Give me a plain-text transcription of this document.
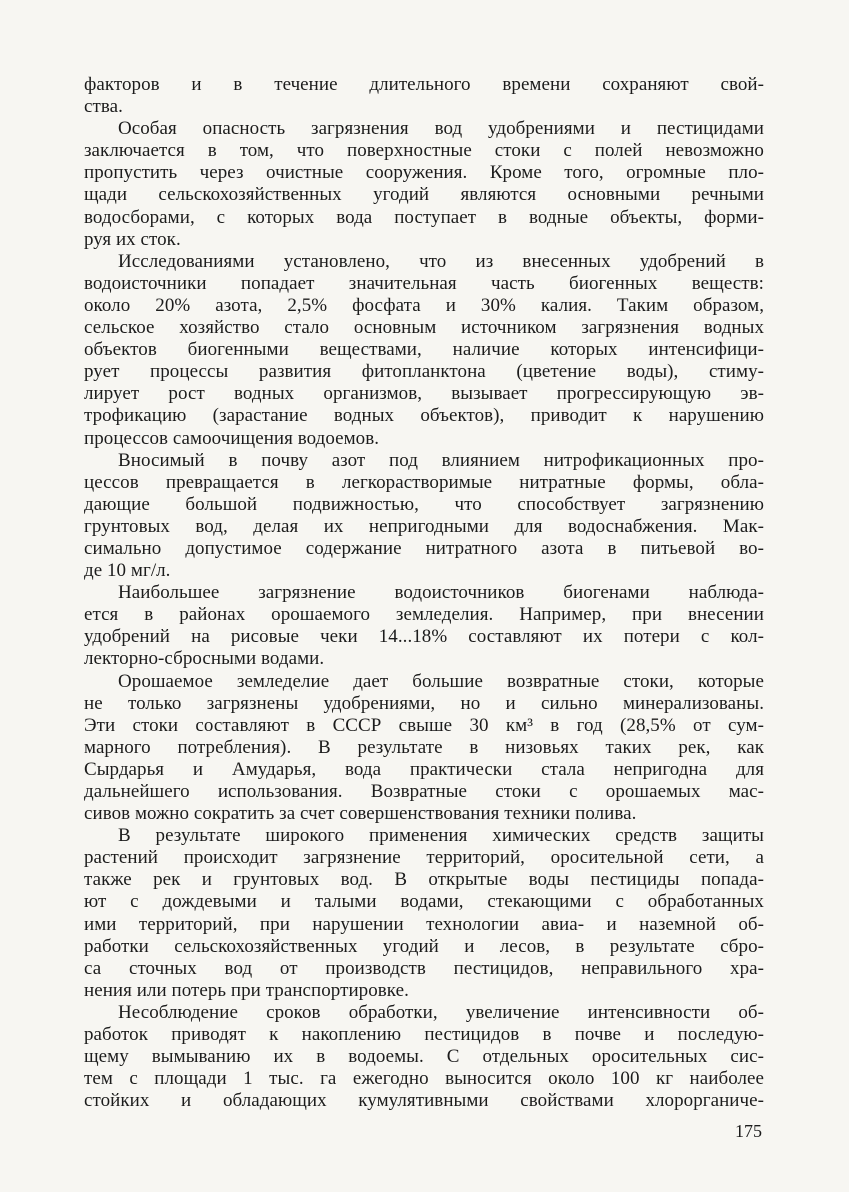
факторов и в течение длительного времени сохраняют свой-
ства.
Особая опасность загрязнения вод удобрениями и пестицидами
заключается в том, что поверхностные стоки с полей невозможно
пропустить через очистные сооружения. Кроме того, огромные пло-
щади сельскохозяйственных угодий являются основными речными
водосборами, с которых вода поступает в водные объекты, форми-
руя их сток.
Исследованиями установлено, что из внесенных удобрений в
водоисточники попадает значительная часть биогенных веществ:
около 20% азота, 2,5% фосфата и 30% калия. Таким образом,
сельское хозяйство стало основным источником загрязнения водных
объектов биогенными веществами, наличие которых интенсифици-
рует процессы развития фитопланктона (цветение воды), стиму-
лирует рост водных организмов, вызывает прогрессирующую эв-
трофикацию (зарастание водных объектов), приводит к нарушению
процессов самоочищения водоемов.
Вносимый в почву азот под влиянием нитрофикационных про-
цессов превращается в легкорастворимые нитратные формы, обла-
дающие большой подвижностью, что способствует загрязнению
грунтовых вод, делая их непригодными для водоснабжения. Мак-
симально допустимое содержание нитратного азота в питьевой во-
де 10 мг/л.
Наибольшее загрязнение водоисточников биогенами наблюда-
ется в районах орошаемого земледелия. Например, при внесении
удобрений на рисовые чеки 14...18% составляют их потери с кол-
лекторно-сбросными водами.
Орошаемое земледелие дает большие возвратные стоки, которые
не только загрязнены удобрениями, но и сильно минерализованы.
Эти стоки составляют в СССР свыше 30 км³ в год (28,5% от сум-
марного потребления). В результате в низовьях таких рек, как
Сырдарья и Амударья, вода практически стала непригодна для
дальнейшего использования. Возвратные стоки с орошаемых мас-
сивов можно сократить за счет совершенствования техники полива.
В результате широкого применения химических средств защиты
растений происходит загрязнение территорий, оросительной сети, а
также рек и грунтовых вод. В открытые воды пестициды попада-
ют с дождевыми и талыми водами, стекающими с обработанных
ими территорий, при нарушении технологии авиа- и наземной об-
работки сельскохозяйственных угодий и лесов, в результате сбро-
са сточных вод от производств пестицидов, неправильного хра-
нения или потерь при транспортировке.
Несоблюдение сроков обработки, увеличение интенсивности об-
работок приводят к накоплению пестицидов в почве и последую-
щему вымыванию их в водоемы. С отдельных оросительных сис-
тем с площади 1 тыс. га ежегодно выносится около 100 кг наиболее
стойких и обладающих кумулятивными свойствами хлорорганиче-
175
